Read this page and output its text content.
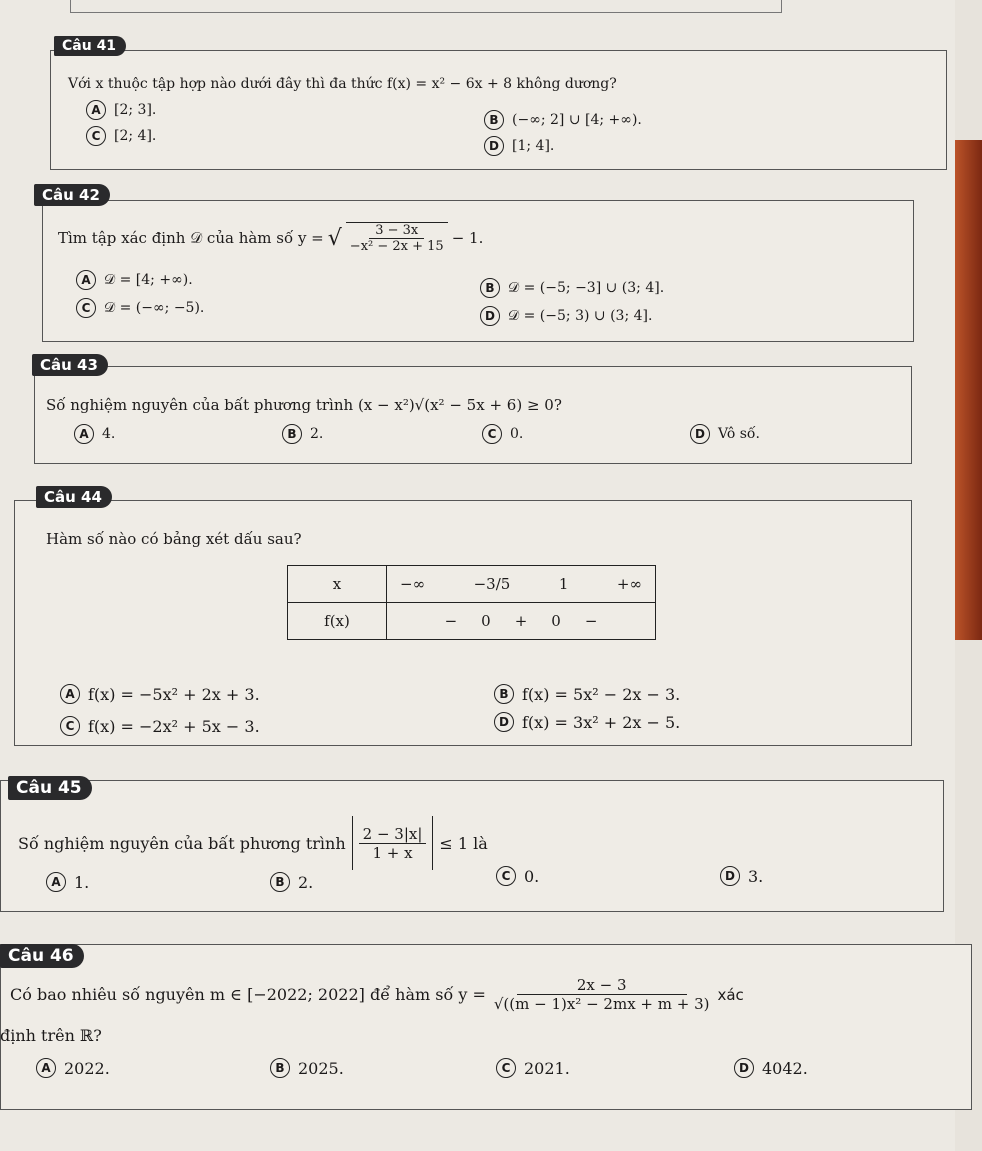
Câu 41
Với x thuộc tập hợp nào dưới đây thì đa thức f(x) = x² − 6x + 8 không dương?
A [2; 3].
B (−∞; 2] ∪ [4; +∞).
C [2; 4].
D [1; 4].
Câu 42
Tìm tập xác định 𝒟 của hàm số y = √ $\frac{3 - 3x}{\text{−x² − 2x + 15}} - 1$.
A 𝒟 = [4; +∞).	B 𝒟 = (−5; −3] ∪ (3; 4].
C 𝒟 = (−∞; −5).	D 𝒟 = (−5; 3) ∪ (3; 4].
Câu 43
Số nghiệm nguyên của bất phương trình (x − x²)√(x² − 5x + 6) ≥ 0?
A 4.	B 2.	C 0.	D Vô số.
Câu 44
Hàm số nào có bảng xét dấu sau?
x	−∞ −3/5 1 +∞

f(x)	− 0 + 0 −
A f(x) = −5x² + 2x + 3.	B f(x) = 5x² − 2x − 3.
C f(x) = −2x² + 5x − 3.	D f(x) = 3x² + 2x − 5.
Câu 45
Số nghiệm nguyên của bất phương trình $\frac{2 - 3|x|}{1 + x} \le 1$ là
A 1.	B 2.	C 0.	D 3.
Câu 46
Có bao nhiêu số nguyên m ∈ [−2022; 2022] để hàm số $y = \frac{2x - 3}{\text{√((m − 1)x² − 2mx + m + 3)}}$ xác
định trên ℝ?
A 2022.	B 2025.	C 2021.	D 4042.
